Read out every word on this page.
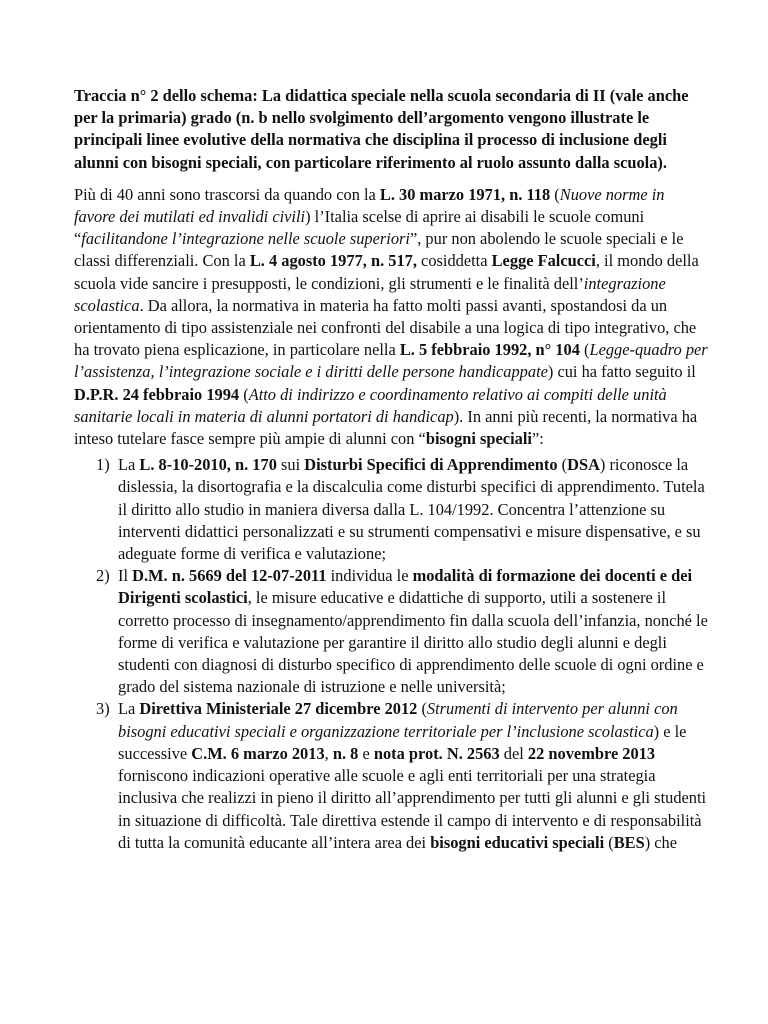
Traccia n° 2 dello schema: La didattica speciale nella scuola secondaria di II (vale anche per la primaria) grado (n. b nello svolgimento dell’argomento vengono illustrate le principali linee evolutive della normativa che disciplina il processo di inclusione degli alunni con bisogni speciali, con particolare riferimento al ruolo assunto dalla scuola).

Più di 40 anni sono trascorsi da quando con la L. 30 marzo 1971, n. 118 (Nuove norme in favore dei mutilati ed invalidi civili) l’Italia scelse di aprire ai disabili le scuole comuni “facilitandone l’integrazione nelle scuole superiori”, pur non abolendo le scuole speciali e le classi differenziali. Con la L. 4 agosto 1977, n. 517, cosiddetta Legge Falcucci, il mondo della scuola vide sancire i presupposti, le condizioni, gli strumenti e le finalità dell’integrazione scolastica. Da allora, la normativa in materia ha fatto molti passi avanti, spostandosi da un orientamento di tipo assistenziale nei confronti del disabile a una logica di tipo integrativo, che ha trovato piena esplicazione, in particolare nella L. 5 febbraio 1992, n° 104 (Legge-quadro per l’assistenza, l’integrazione sociale e i diritti delle persone handicappate) cui ha fatto seguito il D.P.R. 24 febbraio 1994 (Atto di indirizzo e coordinamento relativo ai compiti delle unità sanitarie locali in materia di alunni portatori di handicap). In anni più recenti, la normativa ha inteso tutelare fasce sempre più ampie di alunni con “bisogni speciali”:

1) La L. 8-10-2010, n. 170 sui Disturbi Specifici di Apprendimento (DSA) riconosce la dislessia, la disortografia e la discalculia come disturbi specifici di apprendimento. Tutela il diritto allo studio in maniera diversa dalla L. 104/1992. Concentra l’attenzione su interventi didattici personalizzati e su strumenti compensativi e misure dispensative, e su adeguate forme di verifica e valutazione;
2) Il D.M. n. 5669 del 12-07-2011 individua le modalità di formazione dei docenti e dei Dirigenti scolastici, le misure educative e didattiche di supporto, utili a sostenere il corretto processo di insegnamento/apprendimento fin dalla scuola dell’infanzia, nonché le forme di verifica e valutazione per garantire il diritto allo studio degli alunni e degli studenti con diagnosi di disturbo specifico di apprendimento delle scuole di ogni ordine e grado del sistema nazionale di istruzione e nelle università;
3) La Direttiva Ministeriale 27 dicembre 2012 (Strumenti di intervento per alunni con bisogni educativi speciali e organizzazione territoriale per l’inclusione scolastica) e le successive C.M. 6 marzo 2013, n. 8 e nota prot. N. 2563 del 22 novembre 2013 forniscono indicazioni operative alle scuole e agli enti territoriali per una strategia inclusiva che realizzi in pieno il diritto all’apprendimento per tutti gli alunni e gli studenti in situazione di difficoltà. Tale direttiva estende il campo di intervento e di responsabilità di tutta la comunità educante all’intera area dei bisogni educativi speciali (BES) che
